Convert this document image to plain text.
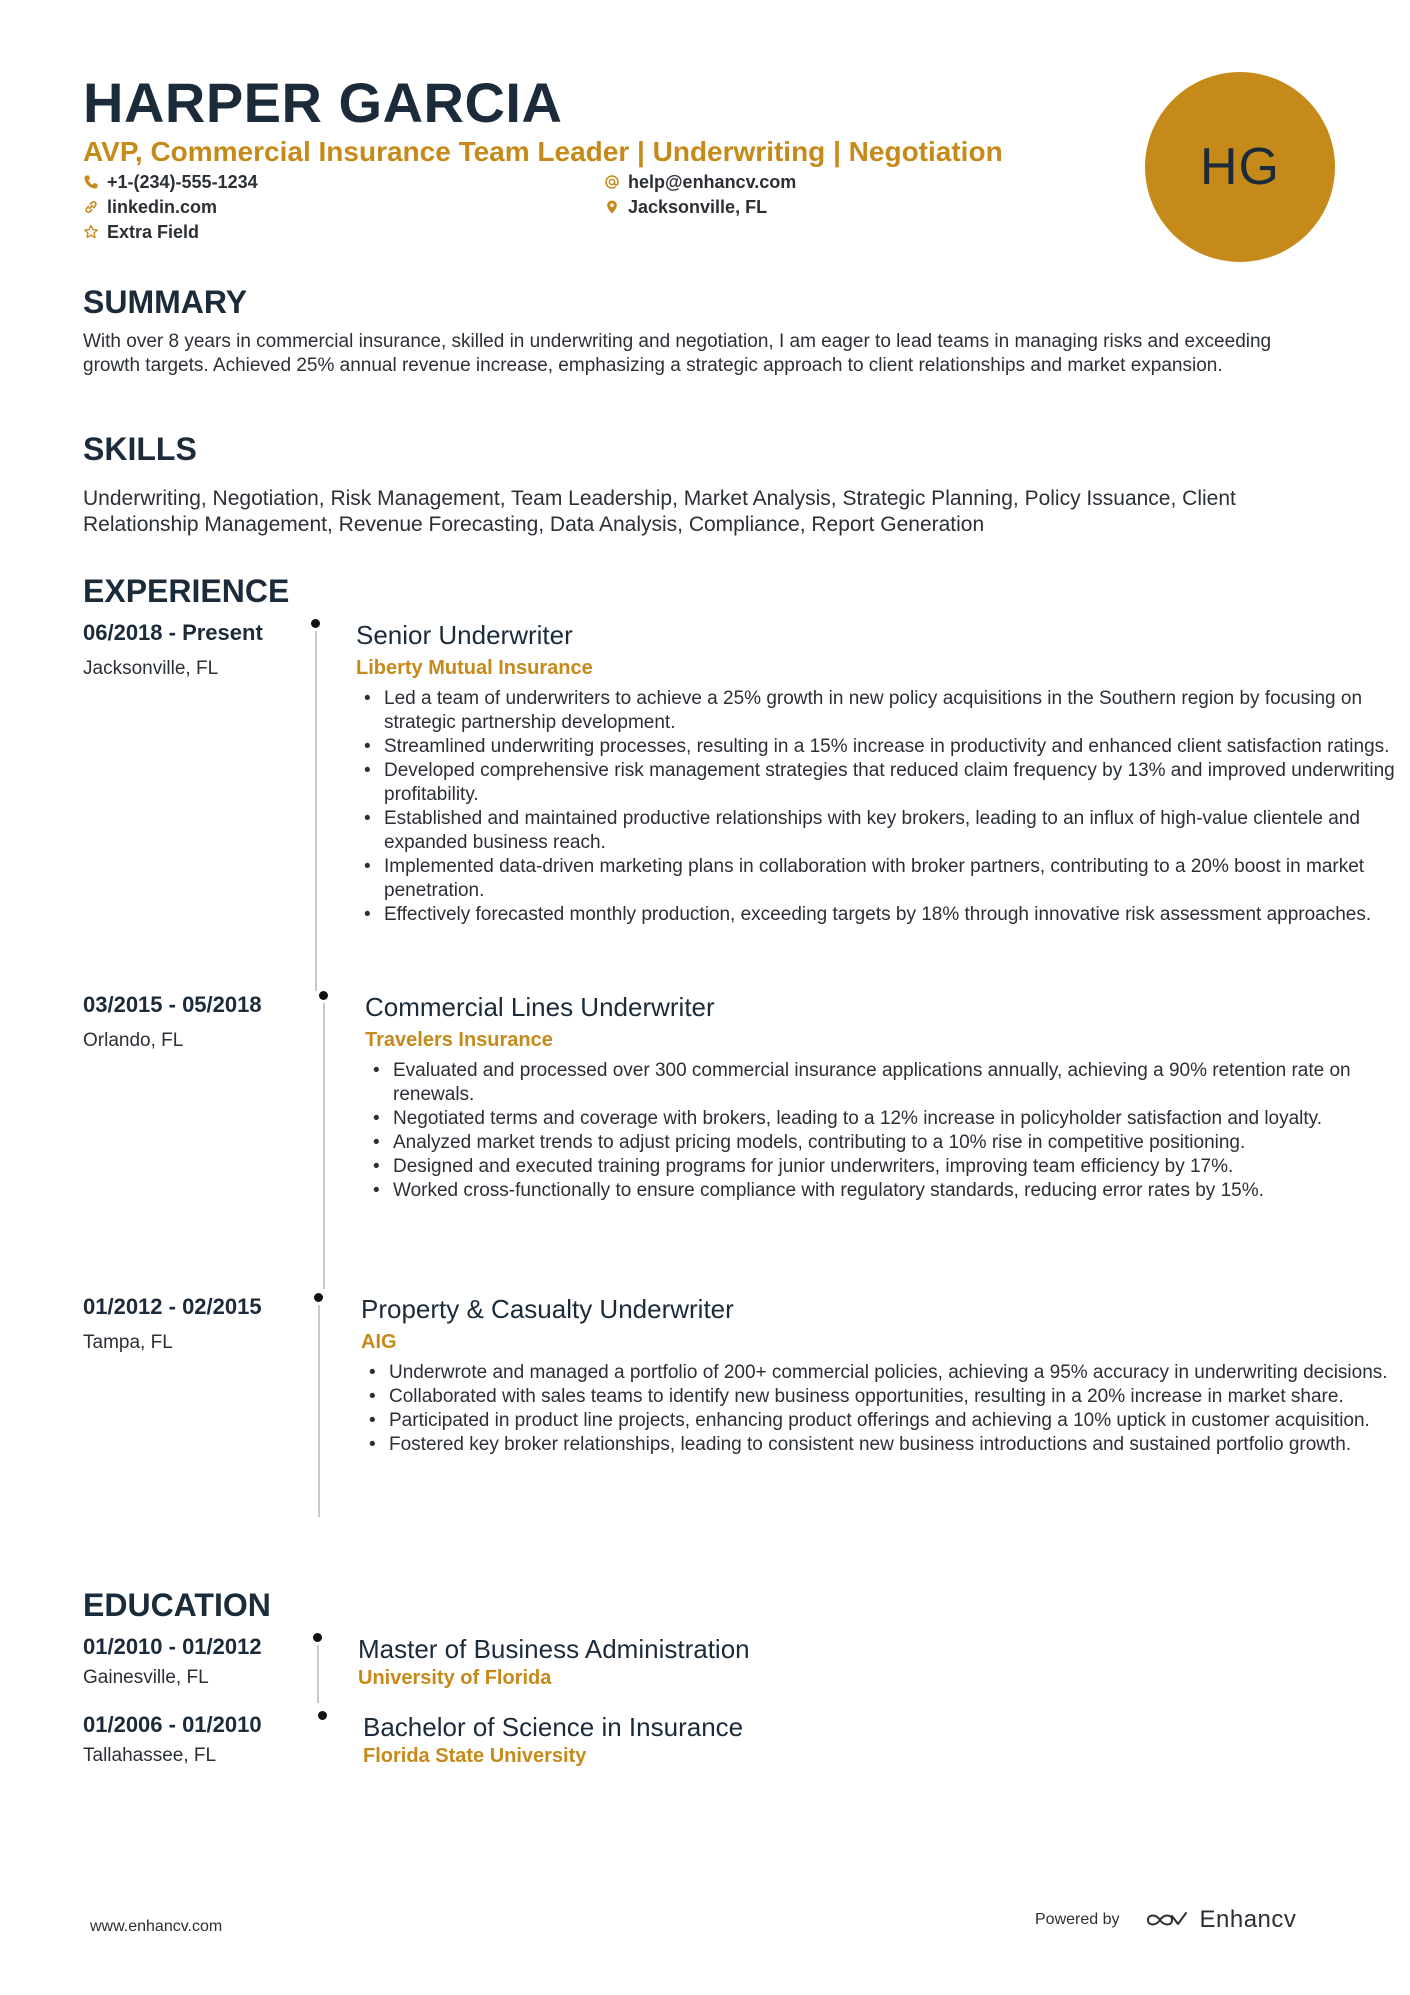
HARPER GARCIA
AVP, Commercial Insurance Team Leader | Underwriting | Negotiation
+1-(234)-555-1234
linkedin.com
Extra Field
help@enhancv.com
Jacksonville, FL
HG
SUMMARY
With over 8 years in commercial insurance, skilled in underwriting and negotiation, I am eager to lead teams in managing risks and exceeding growth targets. Achieved 25% annual revenue increase, emphasizing a strategic approach to client relationships and market expansion.
SKILLS
Underwriting, Negotiation, Risk Management, Team Leadership, Market Analysis, Strategic Planning, Policy Issuance, Client Relationship Management, Revenue Forecasting, Data Analysis, Compliance, Report Generation
EXPERIENCE
06/2018 - Present
Jacksonville, FL
Senior Underwriter
Liberty Mutual Insurance
• Led a team of underwriters to achieve a 25% growth in new policy acquisitions in the Southern region by focusing on strategic partnership development.
• Streamlined underwriting processes, resulting in a 15% increase in productivity and enhanced client satisfaction ratings.
• Developed comprehensive risk management strategies that reduced claim frequency by 13% and improved underwriting profitability.
• Established and maintained productive relationships with key brokers, leading to an influx of high-value clientele and expanded business reach.
• Implemented data-driven marketing plans in collaboration with broker partners, contributing to a 20% boost in market penetration.
• Effectively forecasted monthly production, exceeding targets by 18% through innovative risk assessment approaches.
03/2015 - 05/2018
Orlando, FL
Commercial Lines Underwriter
Travelers Insurance
• Evaluated and processed over 300 commercial insurance applications annually, achieving a 90% retention rate on renewals.
• Negotiated terms and coverage with brokers, leading to a 12% increase in policyholder satisfaction and loyalty.
• Analyzed market trends to adjust pricing models, contributing to a 10% rise in competitive positioning.
• Designed and executed training programs for junior underwriters, improving team efficiency by 17%.
• Worked cross-functionally to ensure compliance with regulatory standards, reducing error rates by 15%.
01/2012 - 02/2015
Tampa, FL
Property & Casualty Underwriter
AIG
• Underwrote and managed a portfolio of 200+ commercial policies, achieving a 95% accuracy in underwriting decisions.
• Collaborated with sales teams to identify new business opportunities, resulting in a 20% increase in market share.
• Participated in product line projects, enhancing product offerings and achieving a 10% uptick in customer acquisition.
• Fostered key broker relationships, leading to consistent new business introductions and sustained portfolio growth.
EDUCATION
01/2010 - 01/2012
Gainesville, FL
Master of Business Administration
University of Florida
01/2006 - 01/2010
Tallahassee, FL
Bachelor of Science in Insurance
Florida State University
www.enhancv.com	Powered by	Enhancv
